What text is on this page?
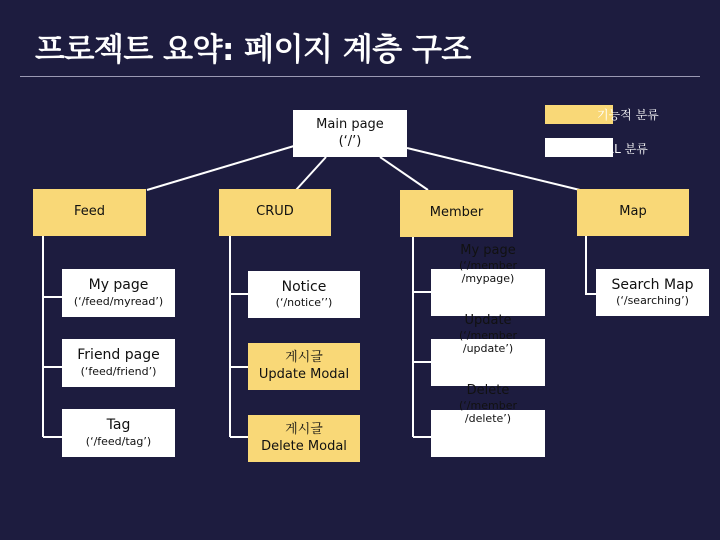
프로젝트 요약: 페이지 계층 구조
기능적 분류
URL 분류
Main page
(‘/’)
Feed	CRUD	Member	Map
My page
(‘/feed/myread’)
Friend page
(‘feed/friend’)
Tag
(‘/feed/tag’)
Notice
(‘/notice’’)
게시글
Update Modal
게시글
Delete Modal
My page
(‘/member
/mypage)
Update
(‘/member
/update’)
Delete
(‘/member
/delete’)
Search Map
(‘/searching’)
